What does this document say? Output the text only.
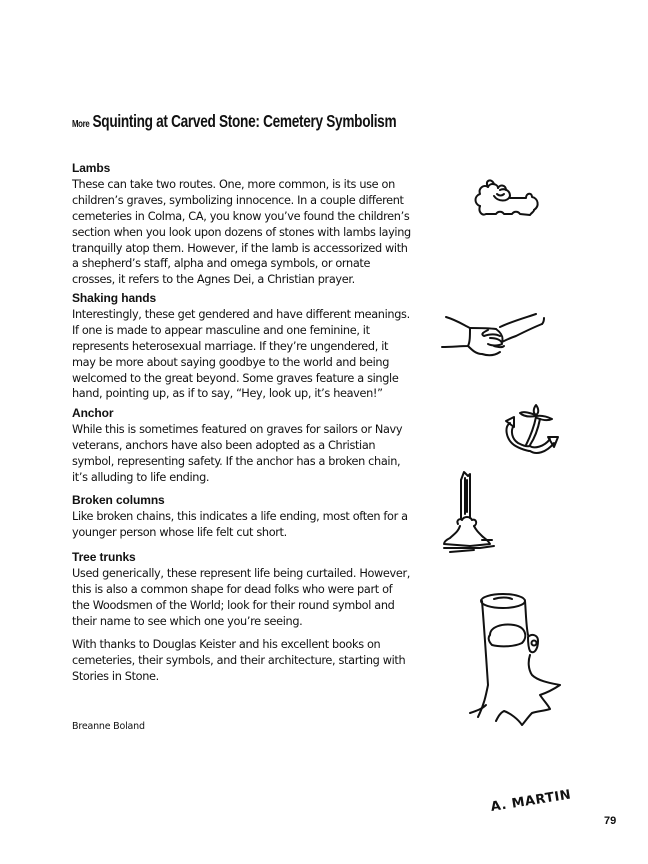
More Squinting at Carved Stone: Cemetery Symbolism
Lambs

These can take two routes. One, more common, is its use on

children’s graves, symbolizing innocence. In a couple different

cemeteries in Colma, CA, you know you’ve found the children’s

section when you look upon dozens of stones with lambs laying

tranquilly atop them. However, if the lamb is accessorized with

a shepherd’s staff, alpha and omega symbols, or ornate

crosses, it refers to the Agnes Dei, a Christian prayer.

Shaking hands

Interestingly, these get gendered and have different meanings.

If one is made to appear masculine and one feminine, it

represents heterosexual marriage. If they’re ungendered, it

may be more about saying goodbye to the world and being

welcomed to the great beyond. Some graves feature a single

hand, pointing up, as if to say, “Hey, look up, it’s heaven!”

Anchor

While this is sometimes featured on graves for sailors or Navy

veterans, anchors have also been adopted as a Christian

symbol, representing safety. If the anchor has a broken chain,

it’s alluding to life ending.

Broken columns

Like broken chains, this indicates a life ending, most often for a

younger person whose life felt cut short.

Tree trunks

Used generically, these represent life being curtailed. However,

this is also a common shape for dead folks who were part of

the Woodsmen of the World; look for their round symbol and

their name to see which one you’re seeing.

With thanks to Douglas Keister and his excellent books on

cemeteries, their symbols, and their architecture, starting with

Stories in Stone.

Breanne Boland
A. MARTIN
79
